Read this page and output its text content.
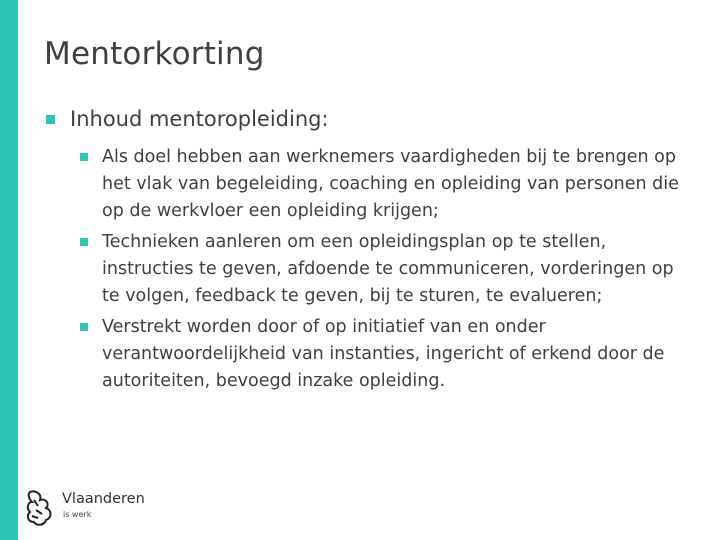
Mentorkorting
Inhoud mentoropleiding:
Als doel hebben aan werknemers vaardigheden bij te brengen op het vlak van begeleiding, coaching en opleiding van personen die op de werkvloer een opleiding krijgen;
Technieken aanleren om een opleidingsplan op te stellen, instructies te geven, afdoende te communiceren, vorderingen op te volgen, feedback te geven, bij te sturen, te evalueren;
Verstrekt worden door of op initiatief van en onder verantwoordelijkheid van instanties, ingericht of erkend door de autoriteiten, bevoegd inzake opleiding.
Vlaanderen
is werk
